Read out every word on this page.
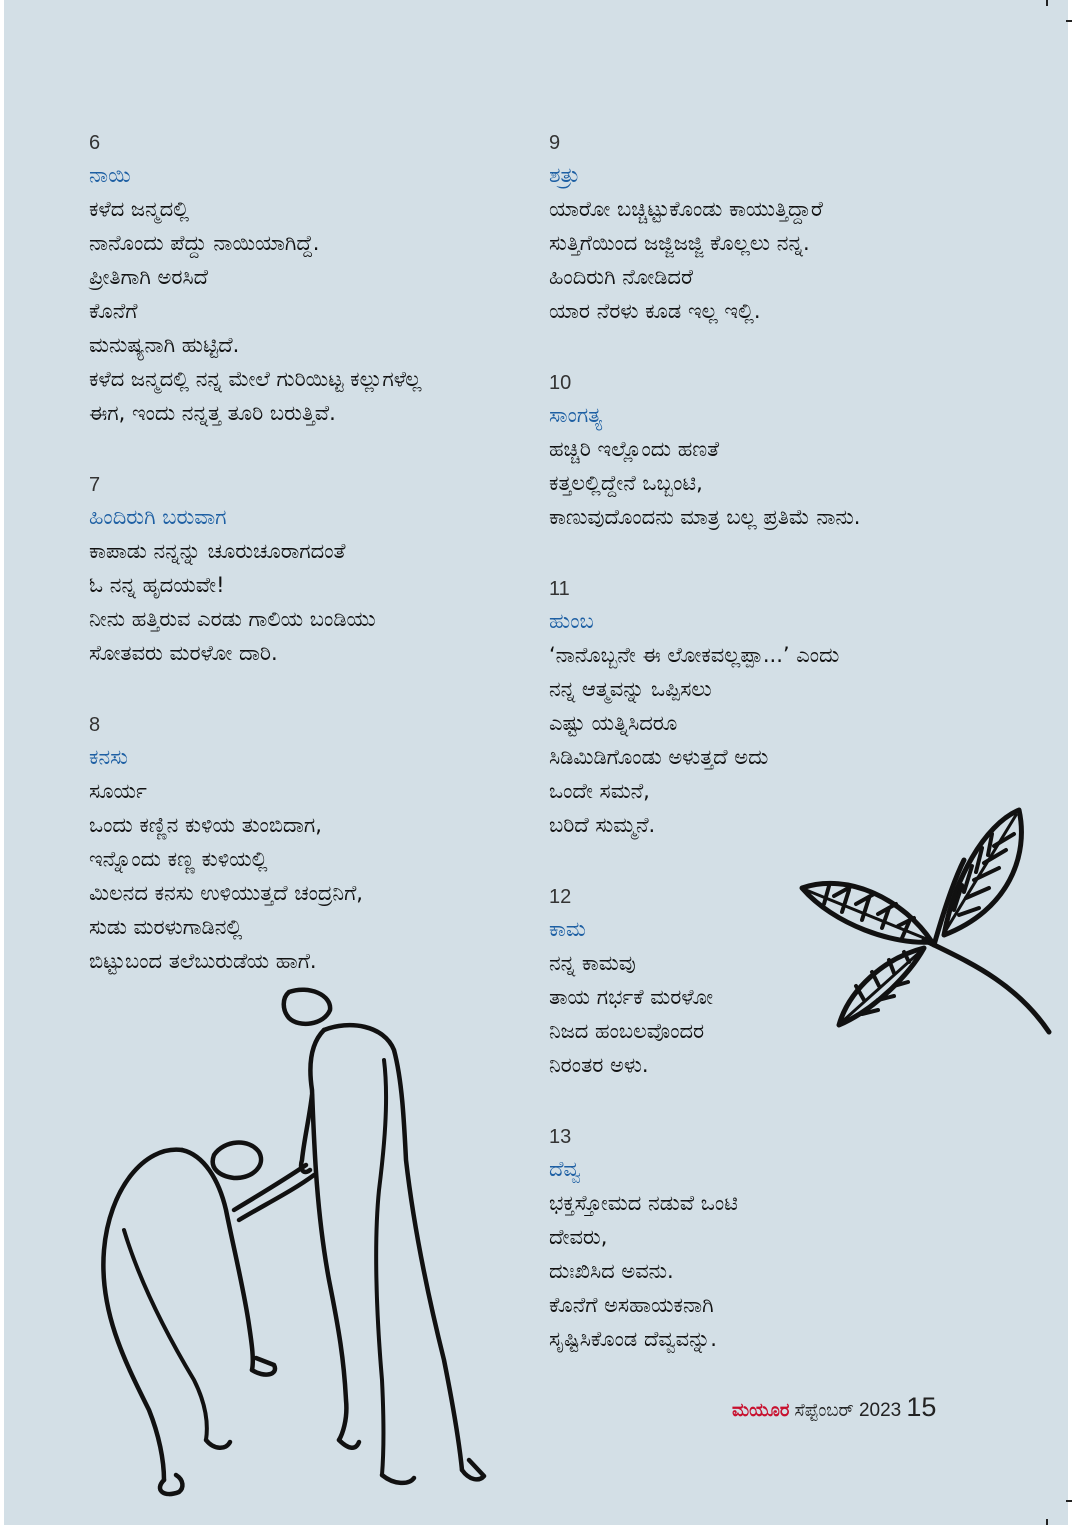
6
ನಾಯಿ
ಕಳೆದ ಜನ್ಮದಲ್ಲಿ
ನಾನೊಂದು ಪೆದ್ದು ನಾಯಿಯಾಗಿದ್ದೆ.
ಪ್ರೀತಿಗಾಗಿ ಅರಸಿದೆ
ಕೊನೆಗೆ
ಮನುಷ್ಯನಾಗಿ ಹುಟ್ಟಿದೆ.
ಕಳೆದ ಜನ್ಮದಲ್ಲಿ ನನ್ನ ಮೇಲೆ ಗುರಿಯಿಟ್ಟ ಕಲ್ಲುಗಳೆಲ್ಲ
ಈಗ, ಇಂದು ನನ್ನತ್ತ ತೂರಿ ಬರುತ್ತಿವೆ.
7
ಹಿಂದಿರುಗಿ ಬರುವಾಗ
ಕಾಪಾಡು ನನ್ನನ್ನು ಚೂರುಚೂರಾಗದಂತೆ
ಓ ನನ್ನ ಹೃದಯವೇ!
ನೀನು ಹತ್ತಿರುವ ಎರಡು ಗಾಲಿಯ ಬಂಡಿಯು
ಸೋತವರು ಮರಳೋ ದಾರಿ.
8
ಕನಸು
ಸೂರ್ಯ
ಒಂದು ಕಣ್ಣಿನ ಕುಳಿಯ ತುಂಬಿದಾಗ,
ಇನ್ನೊಂದು ಕಣ್ಣ ಕುಳಿಯಲ್ಲಿ
ಮಿಲನದ ಕನಸು ಉಳಿಯುತ್ತದೆ ಚಂದ್ರನಿಗೆ,
ಸುಡು ಮರಳುಗಾಡಿನಲ್ಲಿ
ಬಿಟ್ಟುಬಂದ ತಲೆಬುರುಡೆಯ ಹಾಗೆ.
9
ಶತ್ರು
ಯಾರೋ ಬಚ್ಚಿಟ್ಟುಕೊಂಡು ಕಾಯುತ್ತಿದ್ದಾರೆ
ಸುತ್ತಿಗೆಯಿಂದ ಜಜ್ಜಿಜಜ್ಜಿ ಕೊಲ್ಲಲು ನನ್ನ.
ಹಿಂದಿರುಗಿ ನೋಡಿದರೆ
ಯಾರ ನೆರಳು ಕೂಡ ಇಲ್ಲ ಇಲ್ಲಿ.
10
ಸಾಂಗತ್ಯ
ಹಚ್ಚಿರಿ ಇಲ್ಲೊಂದು ಹಣತೆ
ಕತ್ತಲಲ್ಲಿದ್ದೇನೆ ಒಬ್ಬಂಟಿ,
ಕಾಣುವುದೊಂದನು ಮಾತ್ರ ಬಲ್ಲ ಪ್ರತಿಮೆ ನಾನು.
11
ಹುಂಬ
‘ನಾನೊಬ್ಬನೇ ಈ ಲೋಕವಲ್ಲಪ್ಪಾ...’ ಎಂದು
ನನ್ನ ಆತ್ಮವನ್ನು ಒಪ್ಪಿಸಲು
ಎಷ್ಟು ಯತ್ನಿಸಿದರೂ
ಸಿಡಿಮಿಡಿಗೊಂಡು ಅಳುತ್ತದೆ ಅದು
ಒಂದೇ ಸಮನೆ,
ಬರಿದೆ ಸುಮ್ಮನೆ.
12
ಕಾಮ
ನನ್ನ ಕಾಮವು
ತಾಯ ಗರ್ಭಕೆ ಮರಳೋ
ನಿಜದ ಹಂಬಲವೊಂದರ
ನಿರಂತರ ಅಳು.
13
ದೆವ್ವ
ಭಕ್ತಸ್ತೋಮದ ನಡುವೆ ಒಂಟಿ
ದೇವರು,
ದುಃಖಿಸಿದ ಅವನು.
ಕೊನೆಗೆ ಅಸಹಾಯಕನಾಗಿ
ಸೃಷ್ಟಿಸಿಕೊಂಡ ದೆವ್ವವನ್ನು.
ಮಯೂರ ಸೆಪ್ಟೆಂಬರ್ 2023 15
